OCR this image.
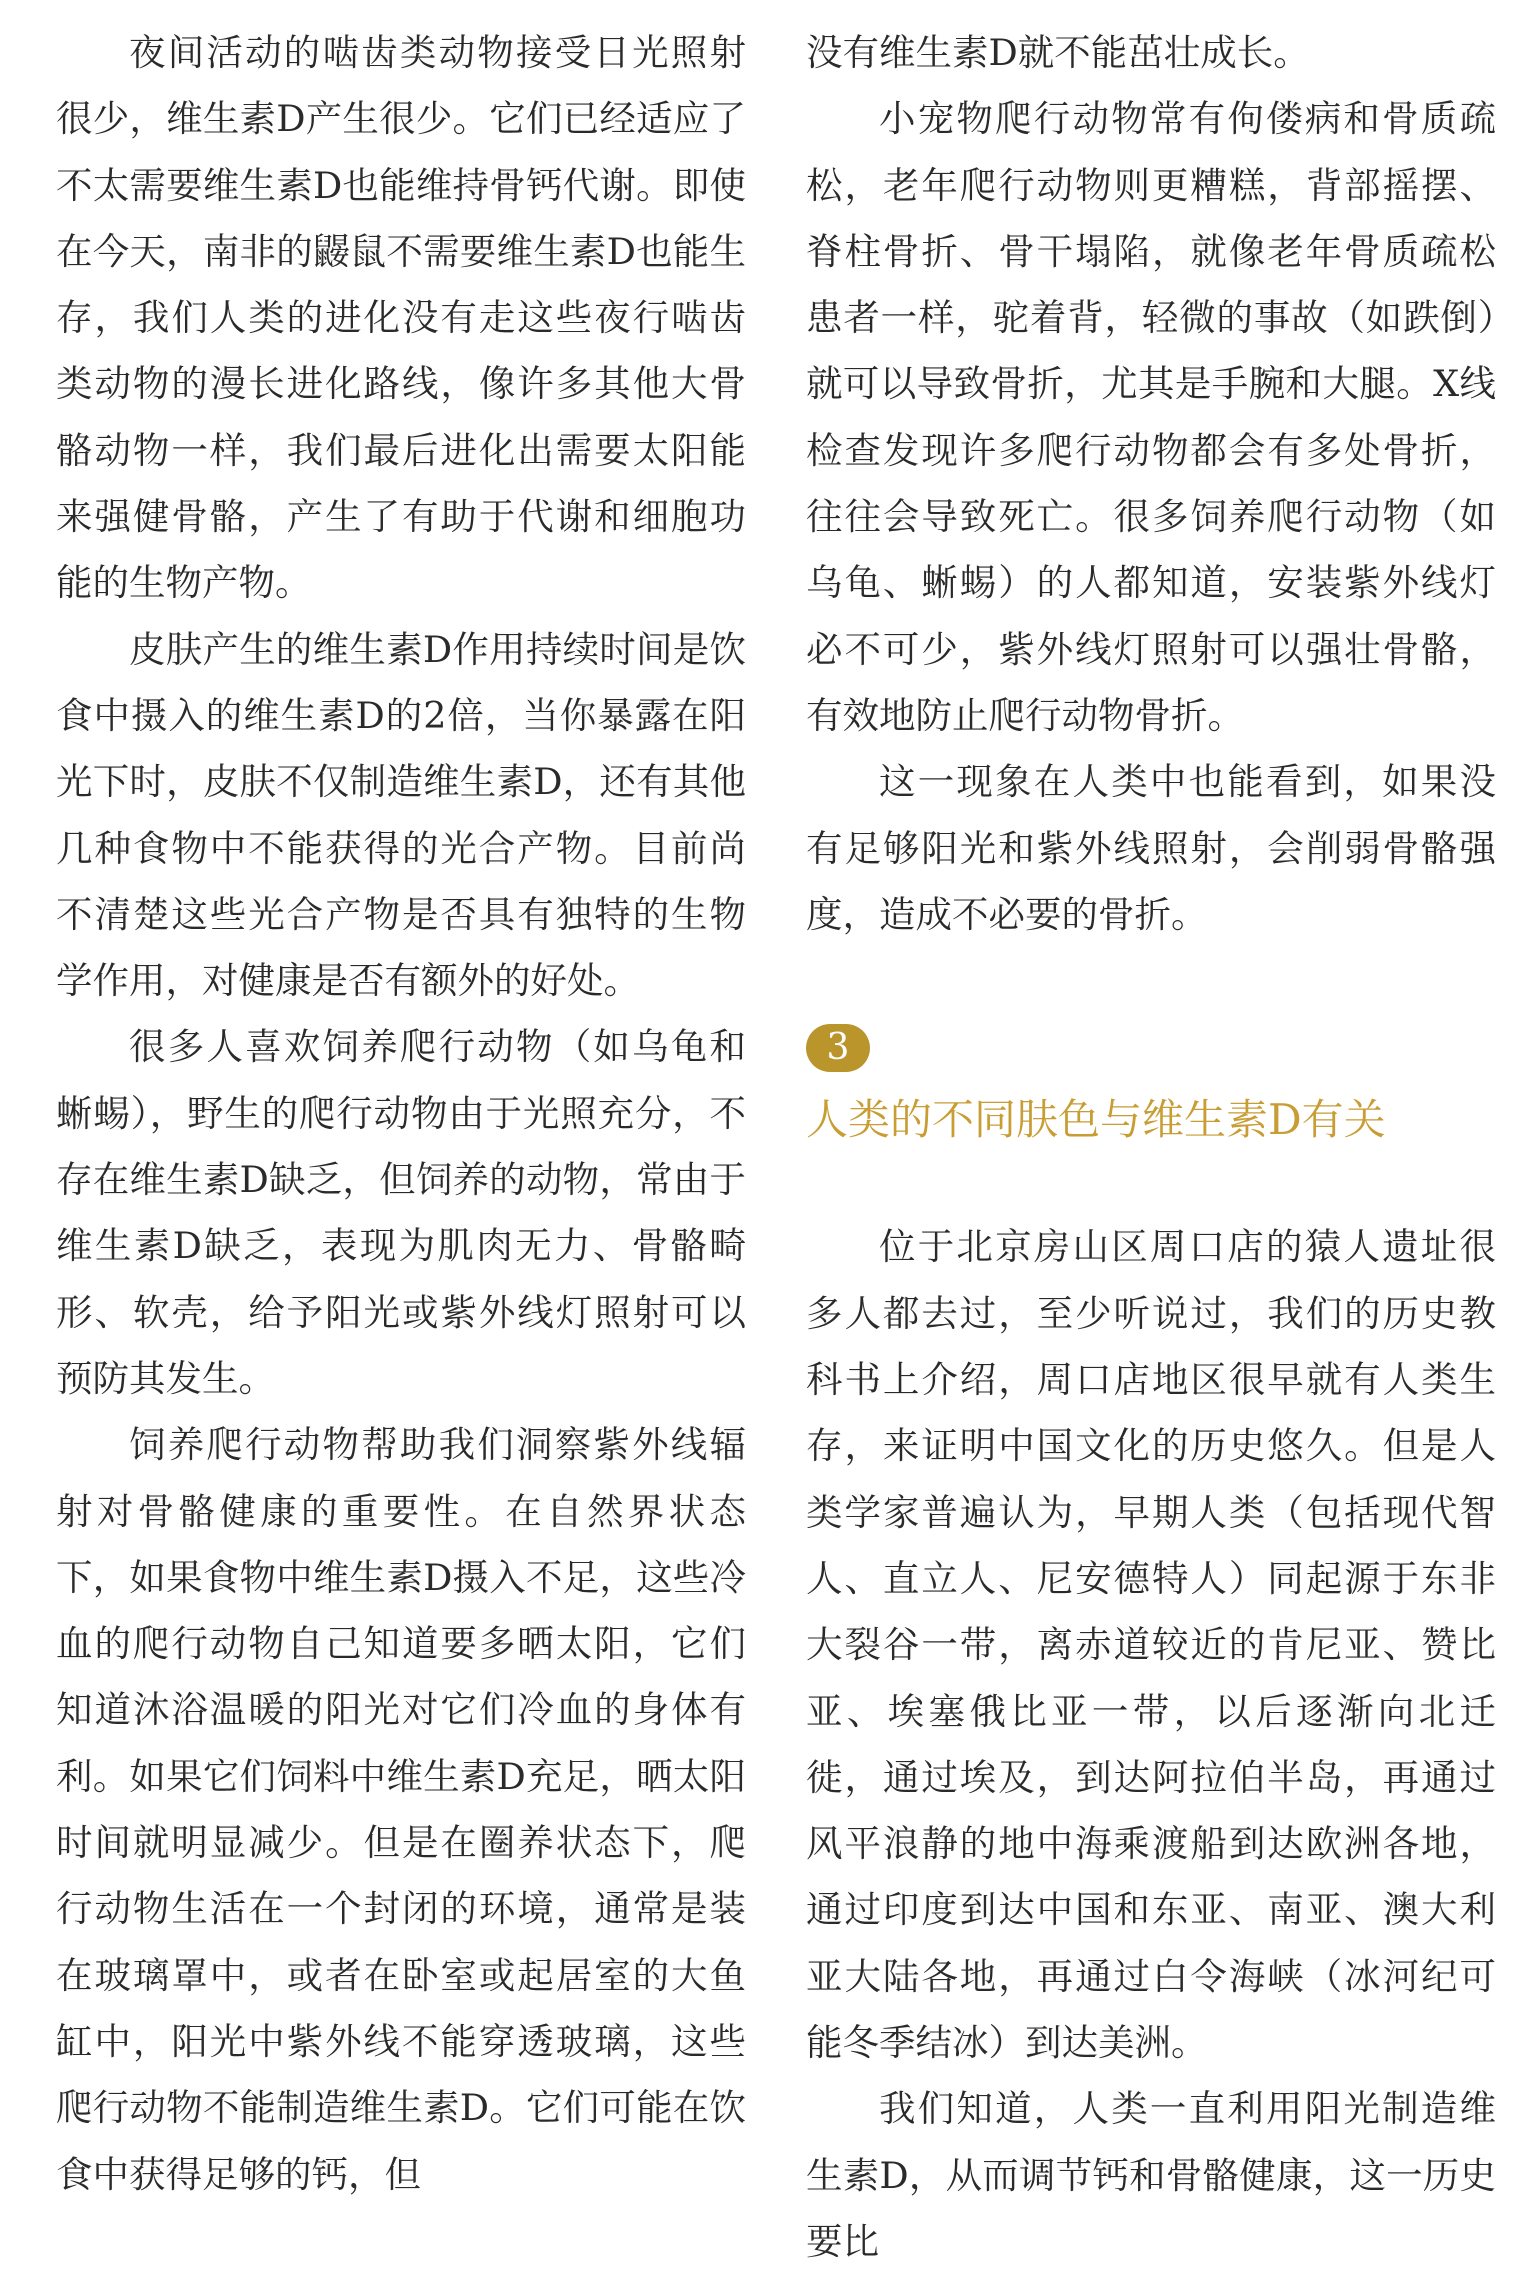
夜间活动的啮齿类动物接受日光照射很少，维生素D产生很少。它们已经适应了不太需要维生素D也能维持骨钙代谢。即使在今天，南非的鼹鼠不需要维生素D也能生存，我们人类的进化没有走这些夜行啮齿类动物的漫长进化路线，像许多其他大骨骼动物一样，我们最后进化出需要太阳能来强健骨骼，产生了有助于代谢和细胞功能的生物产物。

皮肤产生的维生素D作用持续时间是饮食中摄入的维生素D的2倍，当你暴露在阳光下时，皮肤不仅制造维生素D，还有其他几种食物中不能获得的光合产物。目前尚不清楚这些光合产物是否具有独特的生物学作用，对健康是否有额外的好处。

很多人喜欢饲养爬行动物（如乌龟和蜥蜴），野生的爬行动物由于光照充分，不存在维生素D缺乏，但饲养的动物，常由于维生素D缺乏，表现为肌肉无力、骨骼畸形、软壳，给予阳光或紫外线灯照射可以预防其发生。

饲养爬行动物帮助我们洞察紫外线辐射对骨骼健康的重要性。在自然界状态下，如果食物中维生素D摄入不足，这些冷血的爬行动物自己知道要多晒太阳，它们知道沐浴温暖的阳光对它们冷血的身体有利。如果它们饲料中维生素D充足，晒太阳时间就明显减少。但是在圈养状态下，爬行动物生活在一个封闭的环境，通常是装在玻璃罩中，或者在卧室或起居室的大鱼缸中，阳光中紫外线不能穿透玻璃，这些爬行动物不能制造维生素D。它们可能在饮食中获得足够的钙，但

没有维生素D就不能茁壮成长。

小宠物爬行动物常有佝偻病和骨质疏松，老年爬行动物则更糟糕，背部摇摆、脊柱骨折、骨干塌陷，就像老年骨质疏松患者一样，驼着背，轻微的事故（如跌倒）就可以导致骨折，尤其是手腕和大腿。X线检查发现许多爬行动物都会有多处骨折，往往会导致死亡。很多饲养爬行动物（如乌龟、蜥蜴）的人都知道，安装紫外线灯必不可少，紫外线灯照射可以强壮骨骼，有效地防止爬行动物骨折。

这一现象在人类中也能看到，如果没有足够阳光和紫外线照射，会削弱骨骼强度，造成不必要的骨折。

3
人类的不同肤色与维生素D有关

位于北京房山区周口店的猿人遗址很多人都去过，至少听说过，我们的历史教科书上介绍，周口店地区很早就有人类生存，来证明中国文化的历史悠久。但是人类学家普遍认为，早期人类（包括现代智人、直立人、尼安德特人）同起源于东非大裂谷一带，离赤道较近的肯尼亚、赞比亚、埃塞俄比亚一带，以后逐渐向北迁徙，通过埃及，到达阿拉伯半岛，再通过风平浪静的地中海乘渡船到达欧洲各地，通过印度到达中国和东亚、南亚、澳大利亚大陆各地，再通过白令海峡（冰河纪可能冬季结冰）到达美洲。

我们知道，人类一直利用阳光制造维生素D，从而调节钙和骨骼健康，这一历史要比
